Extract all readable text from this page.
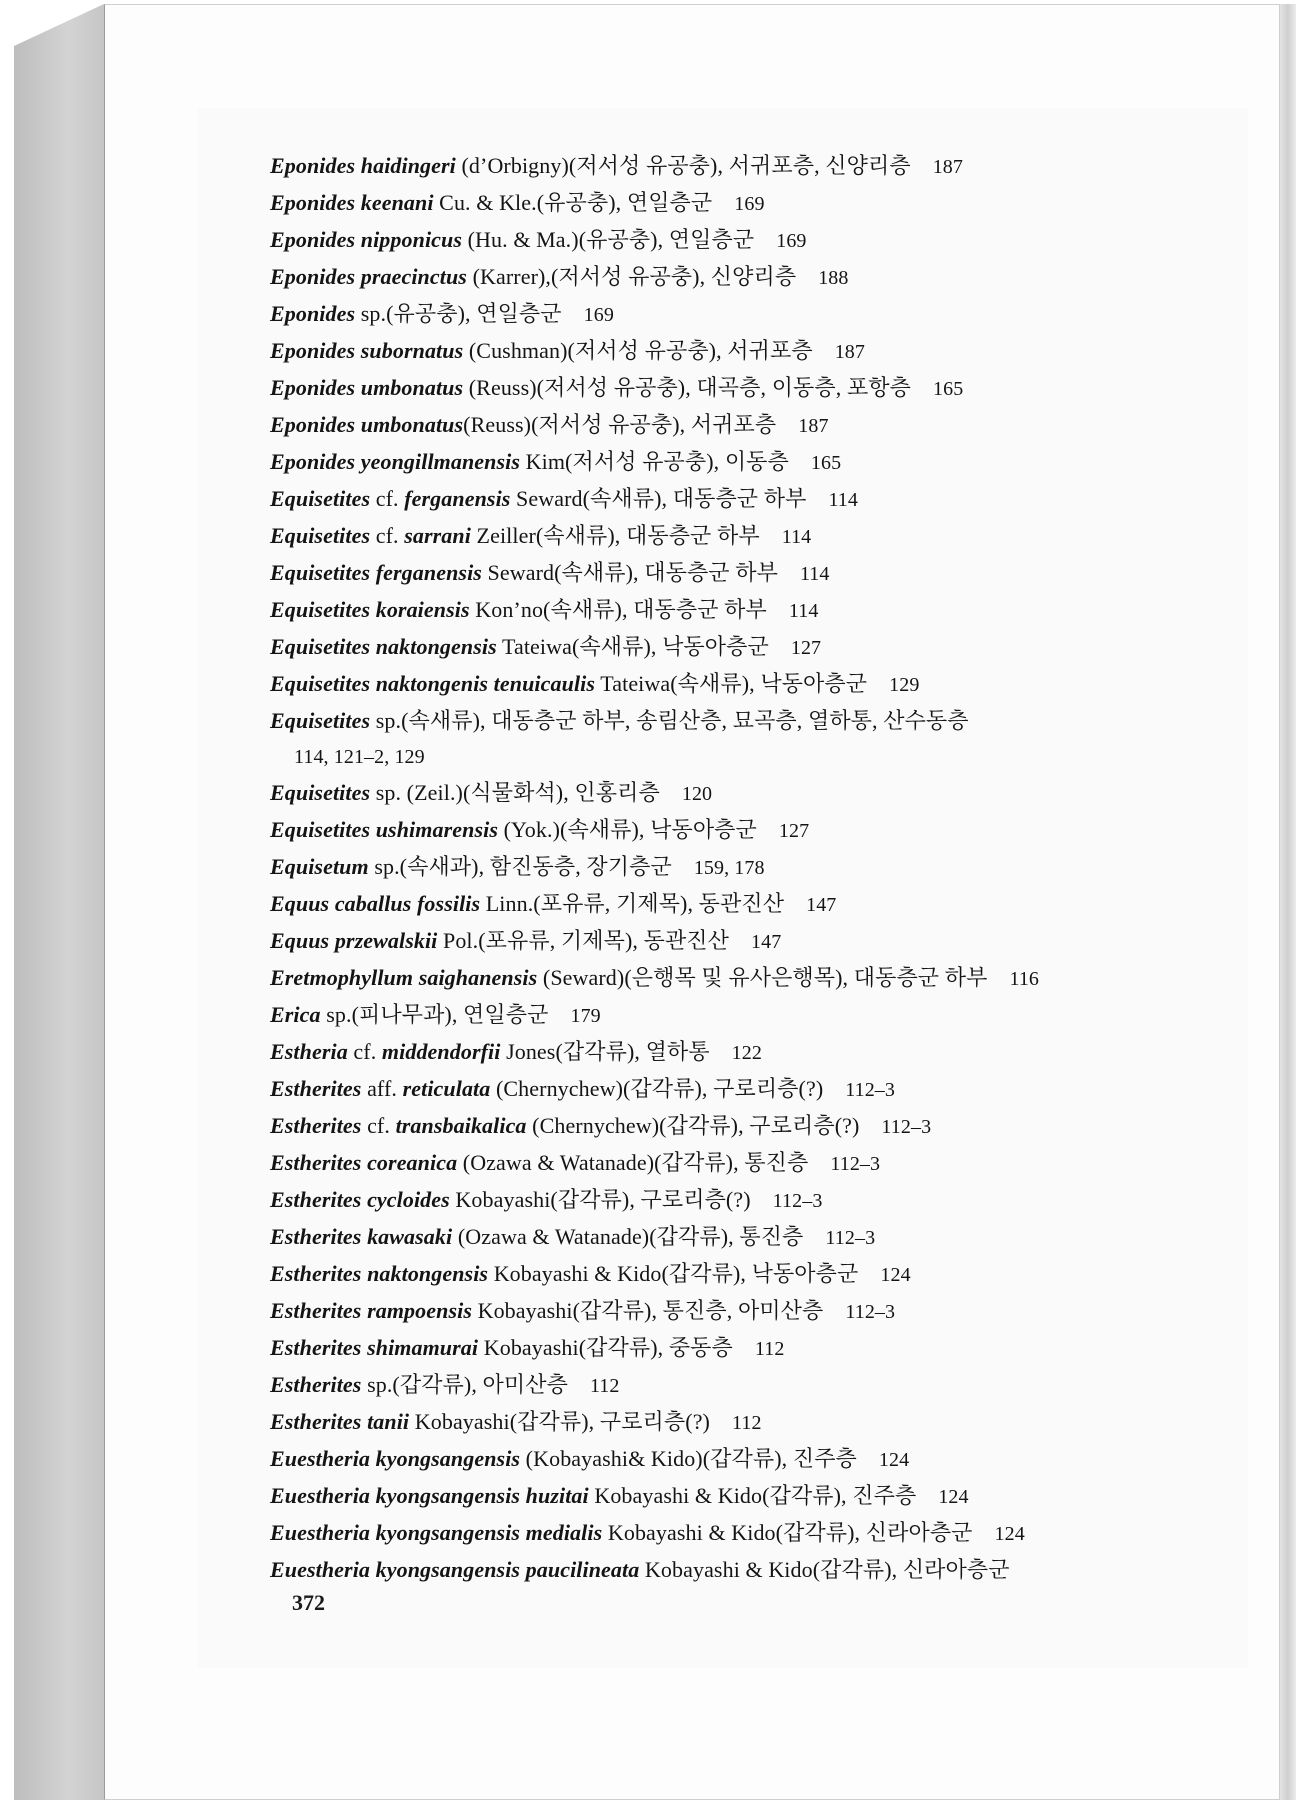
Eponides haidingeri (d’Orbigny)(저서성 유공충), 서귀포층, 신양리층 187
Eponides keenani Cu. & Kle.(유공충), 연일층군 169
Eponides nipponicus (Hu. & Ma.)(유공충), 연일층군 169
Eponides praecinctus (Karrer),(저서성 유공충), 신양리층 188
Eponides sp.(유공충), 연일층군 169
Eponides subornatus (Cushman)(저서성 유공충), 서귀포층 187
Eponides umbonatus (Reuss)(저서성 유공충), 대곡층, 이동층, 포항층 165
Eponides umbonatus(Reuss)(저서성 유공충), 서귀포층 187
Eponides yeongillmanensis Kim(저서성 유공충), 이동층 165
Equisetites cf. ferganensis Seward(속새류), 대동층군 하부 114
Equisetites cf. sarrani Zeiller(속새류), 대동층군 하부 114
Equisetites ferganensis Seward(속새류), 대동층군 하부 114
Equisetites koraiensis Kon’no(속새류), 대동층군 하부 114
Equisetites naktongensis Tateiwa(속새류), 낙동아층군 127
Equisetites naktongenis tenuicaulis Tateiwa(속새류), 낙동아층군 129
Equisetites sp.(속새류), 대동층군 하부, 송림산층, 묘곡층, 열하통, 산수동층
114, 121–2, 129
Equisetites sp. (Zeil.)(식물화석), 인홍리층 120
Equisetites ushimarensis (Yok.)(속새류), 낙동아층군 127
Equisetum sp.(속새과), 함진동층, 장기층군 159, 178
Equus caballus fossilis Linn.(포유류, 기제목), 동관진산 147
Equus przewalskii Pol.(포유류, 기제목), 동관진산 147
Eretmophyllum saighanensis (Seward)(은행목 및 유사은행목), 대동층군 하부 116
Erica sp.(피나무과), 연일층군 179
Estheria cf. middendorfii Jones(갑각류), 열하통 122
Estherites aff. reticulata (Chernychew)(갑각류), 구로리층(?) 112–3
Estherites cf. transbaikalica (Chernychew)(갑각류), 구로리층(?) 112–3
Estherites coreanica (Ozawa & Watanade)(갑각류), 통진층 112–3
Estherites cycloides Kobayashi(갑각류), 구로리층(?) 112–3
Estherites kawasaki (Ozawa & Watanade)(갑각류), 통진층 112–3
Estherites naktongensis Kobayashi & Kido(갑각류), 낙동아층군 124
Estherites rampoensis Kobayashi(갑각류), 통진층, 아미산층 112–3
Estherites shimamurai Kobayashi(갑각류), 중동층 112
Estherites sp.(갑각류), 아미산층 112
Estherites tanii Kobayashi(갑각류), 구로리층(?) 112
Euestheria kyongsangensis (Kobayashi& Kido)(갑각류), 진주층 124
Euestheria kyongsangensis huzitai Kobayashi & Kido(갑각류), 진주층 124
Euestheria kyongsangensis medialis Kobayashi & Kido(갑각류), 신라아층군 124
Euestheria kyongsangensis paucilineata Kobayashi & Kido(갑각류), 신라아층군
372
